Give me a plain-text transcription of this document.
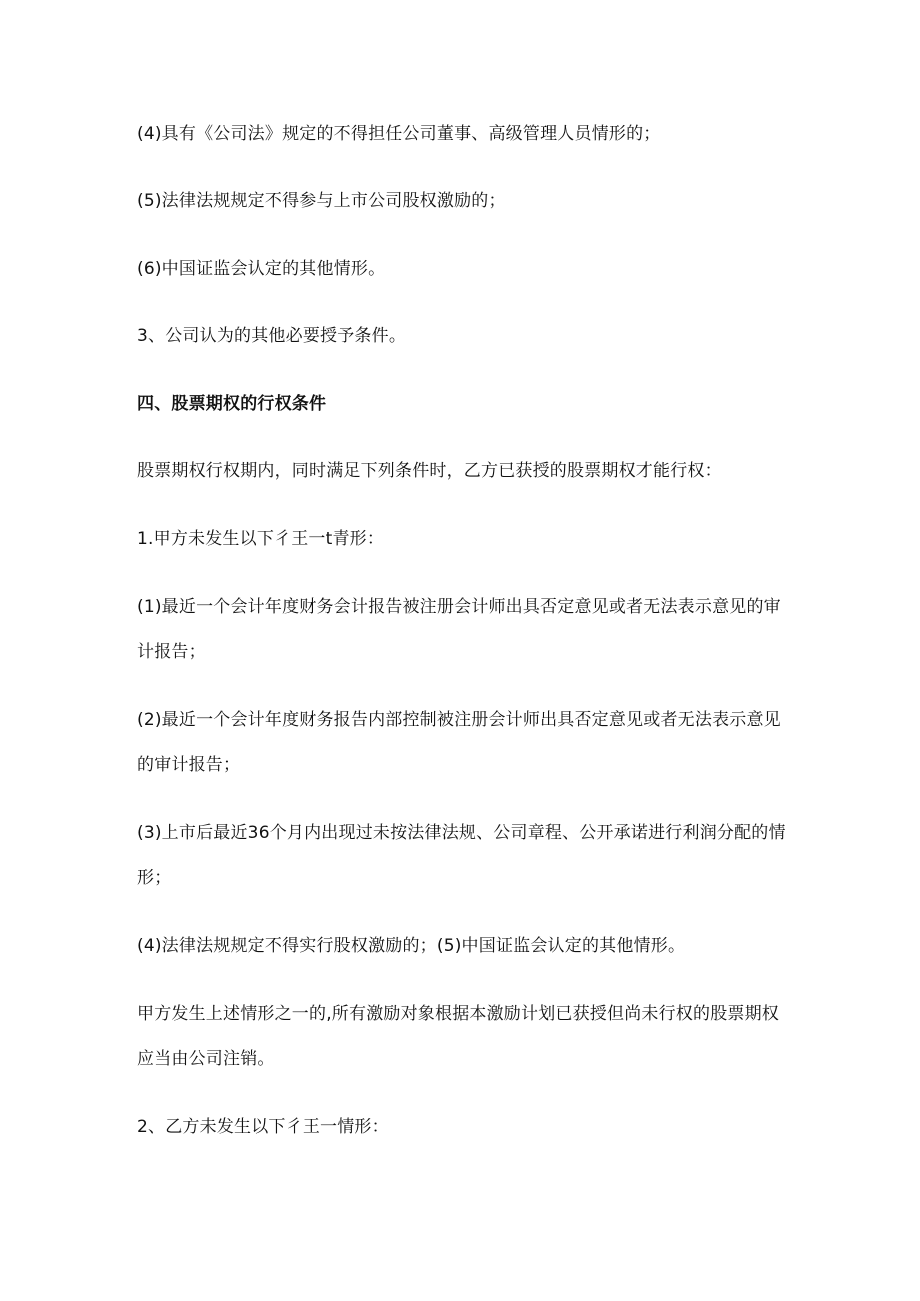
(4)具有《公司法》规定的不得担任公司董事、高级管理人员情形的；
(5)法律法规规定不得参与上市公司股权激励的；
(6)中国证监会认定的其他情形。
3、公司认为的其他必要授予条件。
四、股票期权的行权条件
股票期权行权期内，同时满足下列条件时，乙方已获授的股票期权才能行权：
1.甲方未发生以下彳王一t青形：
(1)最近一个会计年度财务会计报告被注册会计师出具否定意见或者无法表示意见的审
计报告；
(2)最近一个会计年度财务报告内部控制被注册会计师出具否定意见或者无法表示意见
的审计报告；
(3)上市后最近36个月内出现过未按法律法规、公司章程、公开承诺进行利润分配的情
形；
(4)法律法规规定不得实行股权激励的；(5)中国证监会认定的其他情形。
甲方发生上述情形之一的,所有激励对象根据本激励计划已获授但尚未行权的股票期权
应当由公司注销。
2、乙方未发生以下彳王一情形：
